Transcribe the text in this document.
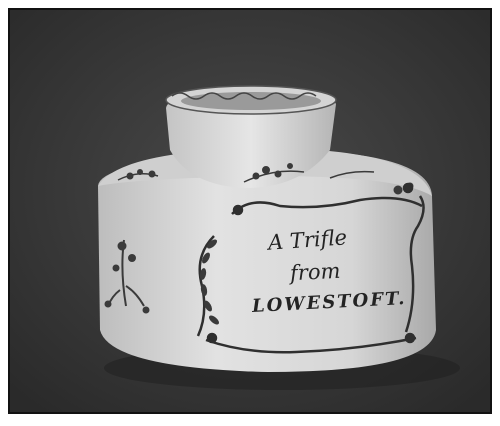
A Trifle
from
LOWESTOFT.
